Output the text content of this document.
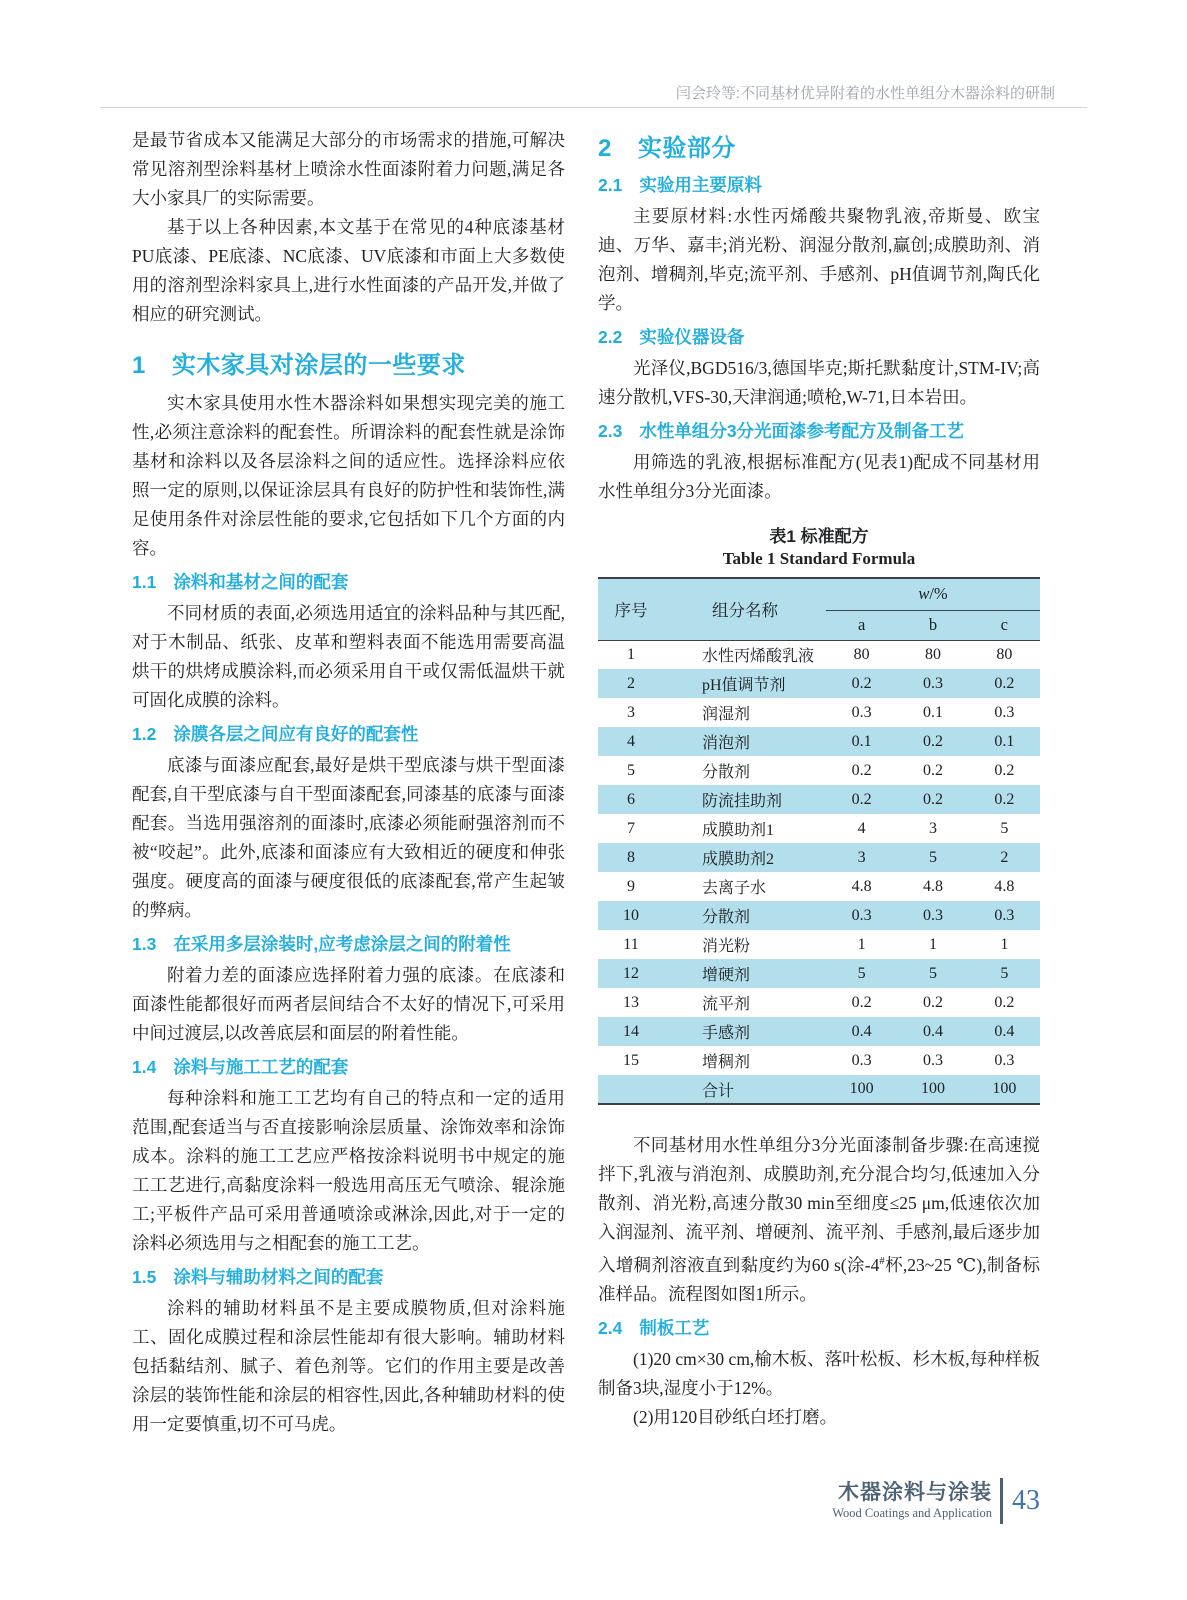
闫会玲等:不同基材优异附着的水性单组分木器涂料的研制

是最节省成本又能满足大部分的市场需求的措施,可解决常见溶剂型涂料基材上喷涂水性面漆附着力问题,满足各大小家具厂的实际需要。

基于以上各种因素,本文基于在常见的4种底漆基材PU底漆、PE底漆、NC底漆、UV底漆和市面上大多数使用的溶剂型涂料家具上,进行水性面漆的产品开发,并做了相应的研究测试。

1 实木家具对涂层的一些要求

实木家具使用水性木器涂料如果想实现完美的施工性,必须注意涂料的配套性。所谓涂料的配套性就是涂饰基材和涂料以及各层涂料之间的适应性。选择涂料应依照一定的原则,以保证涂层具有良好的防护性和装饰性,满足使用条件对涂层性能的要求,它包括如下几个方面的内容。

1.1 涂料和基材之间的配套

不同材质的表面,必须选用适宜的涂料品种与其匹配,对于木制品、纸张、皮革和塑料表面不能选用需要高温烘干的烘烤成膜涂料,而必须采用自干或仅需低温烘干就可固化成膜的涂料。

1.2 涂膜各层之间应有良好的配套性

底漆与面漆应配套,最好是烘干型底漆与烘干型面漆配套,自干型底漆与自干型面漆配套,同漆基的底漆与面漆配套。当选用强溶剂的面漆时,底漆必须能耐强溶剂而不被“咬起”。此外,底漆和面漆应有大致相近的硬度和伸张强度。硬度高的面漆与硬度很低的底漆配套,常产生起皱的弊病。

1.3 在采用多层涂装时,应考虑涂层之间的附着性

附着力差的面漆应选择附着力强的底漆。在底漆和面漆性能都很好而两者层间结合不太好的情况下,可采用中间过渡层,以改善底层和面层的附着性能。

1.4 涂料与施工工艺的配套

每种涂料和施工工艺均有自己的特点和一定的适用范围,配套适当与否直接影响涂层质量、涂饰效率和涂饰成本。涂料的施工工艺应严格按涂料说明书中规定的施工工艺进行,高黏度涂料一般选用高压无气喷涂、辊涂施工;平板件产品可采用普通喷涂或淋涂,因此,对于一定的涂料必须选用与之相配套的施工工艺。

1.5 涂料与辅助材料之间的配套

涂料的辅助材料虽不是主要成膜物质,但对涂料施工、固化成膜过程和涂层性能却有很大影响。辅助材料包括黏结剂、腻子、着色剂等。它们的作用主要是改善涂层的装饰性能和涂层的相容性,因此,各种辅助材料的使用一定要慎重,切不可马虎。

2 实验部分
2.1 实验用主要原料

主要原材料:水性丙烯酸共聚物乳液,帝斯曼、欧宝迪、万华、嘉丰;消光粉、润湿分散剂,赢创;成膜助剂、消泡剂、增稠剂,毕克;流平剂、手感剂、pH值调节剂,陶氏化学。

2.2 实验仪器设备

光泽仪,BGD516/3,德国毕克;斯托默黏度计,STM-IV;高速分散机,VFS-30,天津润通;喷枪,W-71,日本岩田。

2.3 水性单组分3分光面漆参考配方及制备工艺

用筛选的乳液,根据标准配方(见表1)配成不同基材用水性单组分3分光面漆。

表1 标准配方
Table 1 Standard Formula
序号	组分名称	w/%		
		a	b	c
1	水性丙烯酸乳液	80	80	80
2	pH值调节剂	0.2	0.3	0.2
3	润湿剂	0.3	0.1	0.3
4	消泡剂	0.1	0.2	0.1
5	分散剂	0.2	0.2	0.2
6	防流挂助剂	0.2	0.2	0.2
7	成膜助剂1	4	3	5
8	成膜助剂2	3	5	2
9	去离子水	4.8	4.8	4.8
10	分散剂	0.3	0.3	0.3
11	消光粉	1	1	1
12	增硬剂	5	5	5
13	流平剂	0.2	0.2	0.2
14	手感剂	0.4	0.4	0.4
15	增稠剂	0.3	0.3	0.3
	合计	100	100	100

不同基材用水性单组分3分光面漆制备步骤:在高速搅拌下,乳液与消泡剂、成膜助剂,充分混合均匀,低速加入分散剂、消光粉,高速分散30 min至细度≤25 μm,低速依次加入润湿剂、流平剂、增硬剂、流平剂、手感剂,最后逐步加入增稠剂溶液直到黏度约为60 s(涂-4#杯,23~25 ℃),制备标准样品。流程图如图1所示。

2.4 制板工艺

(1)20 cm×30 cm,榆木板、落叶松板、杉木板,每种样板制备3块,湿度小于12%。

(2)用120目砂纸白坯打磨。

木器涂料与涂装
Wood Coatings and Application 43
